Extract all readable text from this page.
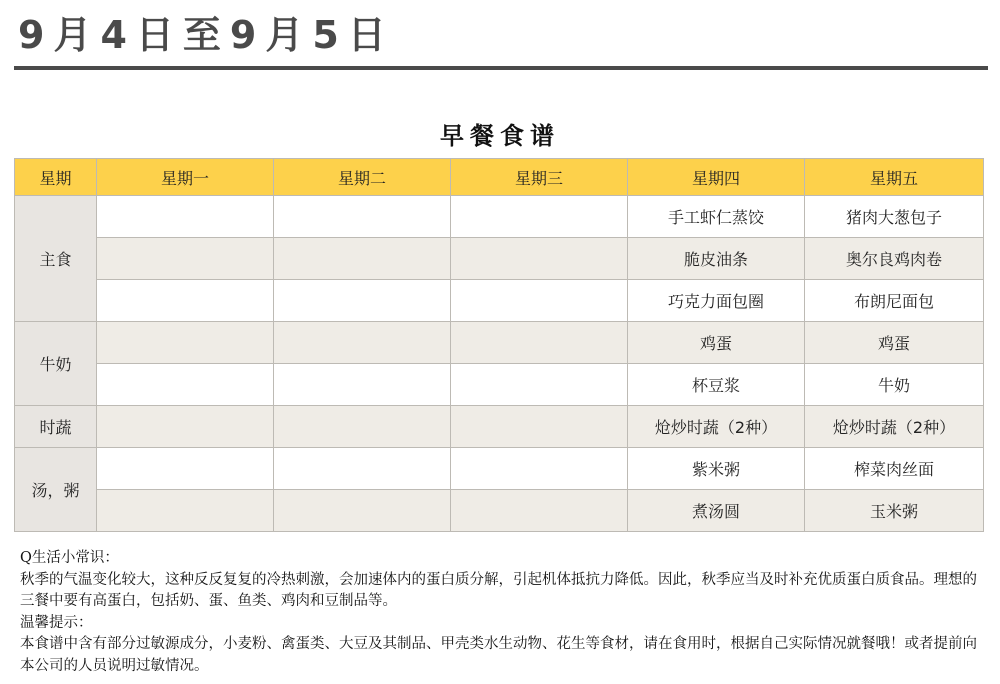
9月4日至9月5日
早餐食谱
星期	星期一	星期二	星期三	星期四	星期五
主食				手工虾仁蒸饺	猪肉大葱包子
				脆皮油条	奥尔良鸡肉卷
				巧克力面包圈	布朗尼面包
牛奶				鸡蛋	鸡蛋
				杯豆浆	牛奶
时蔬				炝炒时蔬（2种）	炝炒时蔬（2种）
汤，粥				紫米粥	榨菜肉丝面
				煮汤圆	玉米粥

Q生活小常识：

秋季的气温变化较大，这种反反复复的冷热刺激，会加速体内的蛋白质分解，引起机体抵抗力降低。因此，秋季应当及时补充优质蛋白质食品。理想的三餐中要有高蛋白，包括奶、蛋、鱼类、鸡肉和豆制品等。

温馨提示：

本食谱中含有部分过敏源成分，小麦粉、禽蛋类、大豆及其制品、甲壳类水生动物、花生等食材，请在食用时，根据自己实际情况就餐哦！或者提前向本公司的人员说明过敏情况。
